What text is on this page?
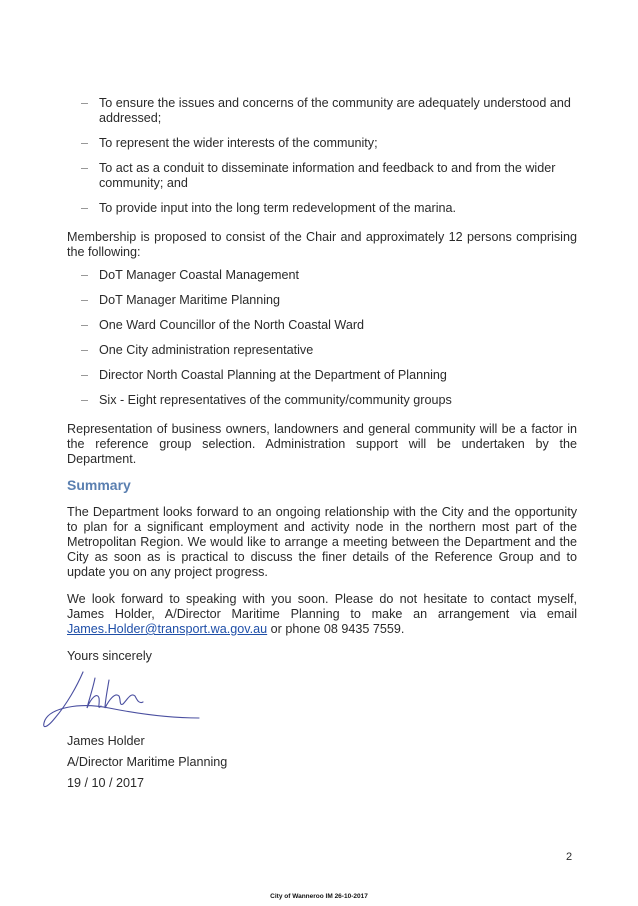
– To ensure the issues and concerns of the community are adequately understood and addressed;
– To represent the wider interests of the community;
– To act as a conduit to disseminate information and feedback to and from the wider community; and
– To provide input into the long term redevelopment of the marina.

Membership is proposed to consist of the Chair and approximately 12 persons comprising the following:

– DoT Manager Coastal Management
– DoT Manager Maritime Planning
– One Ward Councillor of the North Coastal Ward
– One City administration representative
– Director North Coastal Planning at the Department of Planning
– Six - Eight representatives of the community/community groups

Representation of business owners, landowners and general community will be a factor in the reference group selection. Administration support will be undertaken by the Department.

Summary

The Department looks forward to an ongoing relationship with the City and the opportunity to plan for a significant employment and activity node in the northern most part of the Metropolitan Region. We would like to arrange a meeting between the Department and the City as soon as is practical to discuss the finer details of the Reference Group and to update you on any project progress.

We look forward to speaking with you soon. Please do not hesitate to contact myself, James Holder, A/Director Maritime Planning to make an arrangement via email James.Holder@transport.wa.gov.au or phone 08 9435 7559.

Yours sincerely
James Holder
A/Director Maritime Planning
19 / 10 / 2017
2
City of Wanneroo IM 26-10-2017
